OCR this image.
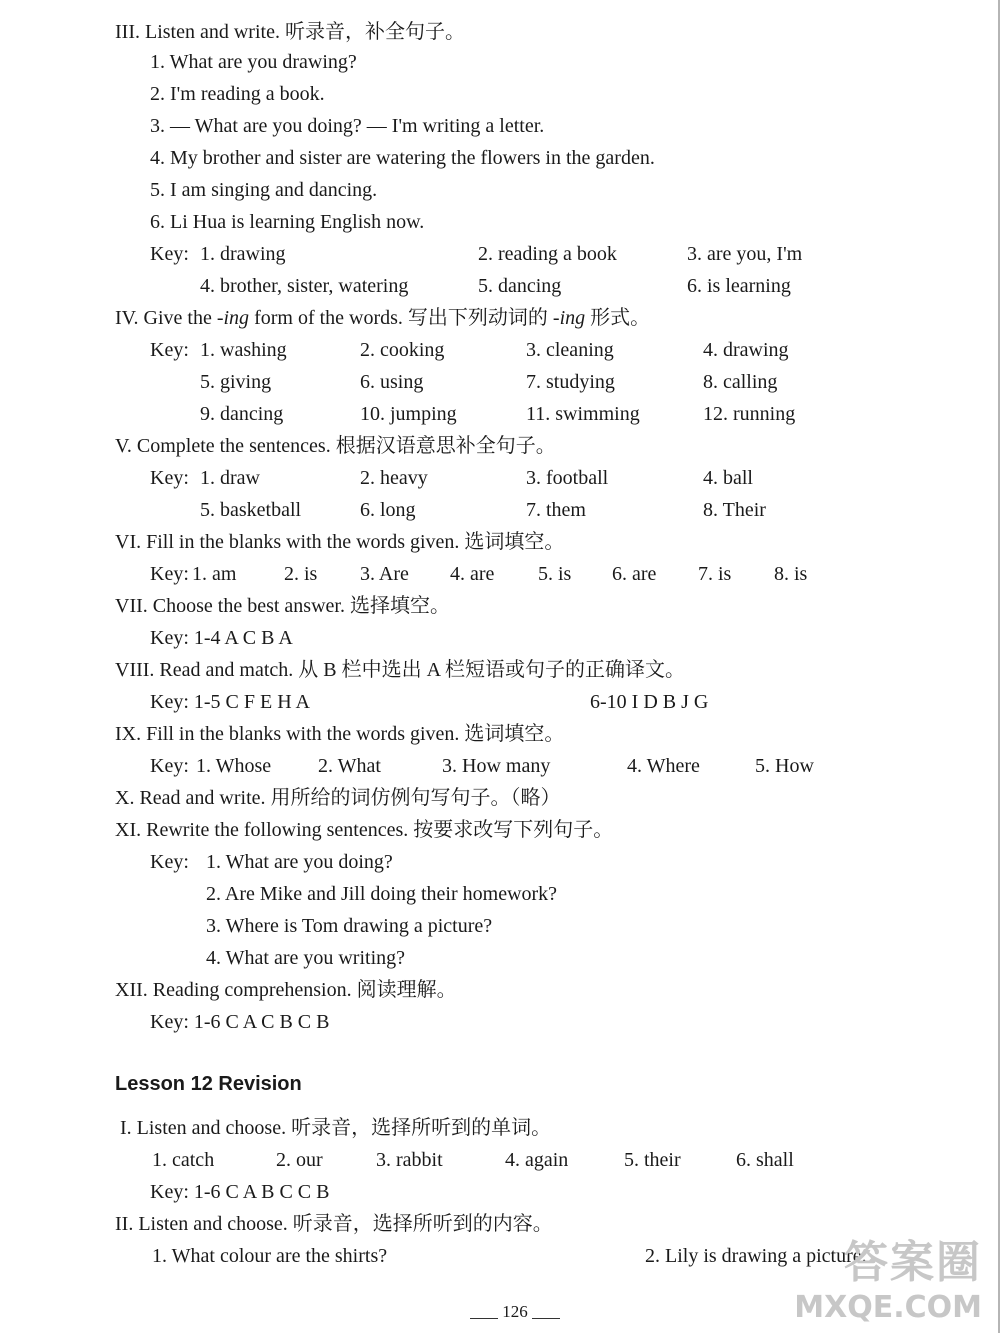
III. Listen and write. 听录音，补全句子。
1. What are you drawing?
2. I'm reading a book.
3. — What are you doing? — I'm writing a letter.
4. My brother and sister are watering the flowers in the garden.
5. I am singing and dancing.
6. Li Hua is learning English now.
Key: 1. drawing	2. reading a book	3. are you, I'm
4. brother, sister, watering	5. dancing	6. is learning
IV. Give the -ing form of the words. 写出下列动词的 -ing 形式。
Key: 1. washing	2. cooking	3. cleaning	4. drawing
5. giving	6. using	7. studying	8. calling
9. dancing	10. jumping	11. swimming	12. running
V. Complete the sentences. 根据汉语意思补全句子。
Key: 1. draw	2. heavy	3. football	4. ball
5. basketball	6. long	7. them	8. Their
VI. Fill in the blanks with the words given. 选词填空。
Key: 1. am 2. is 3. Are 4. are 5. is 6. are 7. is 8. is
VII. Choose the best answer. 选择填空。
Key: 1-4 A C B A
VIII. Read and match. 从 B 栏中选出 A 栏短语或句子的正确译文。
Key: 1-5 C F E H A	6-10 I D B J G
IX. Fill in the blanks with the words given. 选词填空。
Key: 1. Whose 2. What	3. How many	4. Where	5. How
X. Read and write. 用所给的词仿例句写句子。（略）
XI. Rewrite the following sentences. 按要求改写下列句子。
Key: 1. What are you doing?
2. Are Mike and Jill doing their homework?
3. Where is Tom drawing a picture?
4. What are you writing?
XII. Reading comprehension. 阅读理解。
Key: 1-6 C A C B C B
Lesson 12 Revision
I. Listen and choose. 听录音，选择所听到的单词。
1. catch	2. our	3. rabbit	4. again	5. their	6. shall
Key: 1-6 C A B C C B
II. Listen and choose. 听录音，选择所听到的内容。
1. What colour are the shirts?	2. Lily is drawing a picture.
126
答案圈
MXQE.COM
